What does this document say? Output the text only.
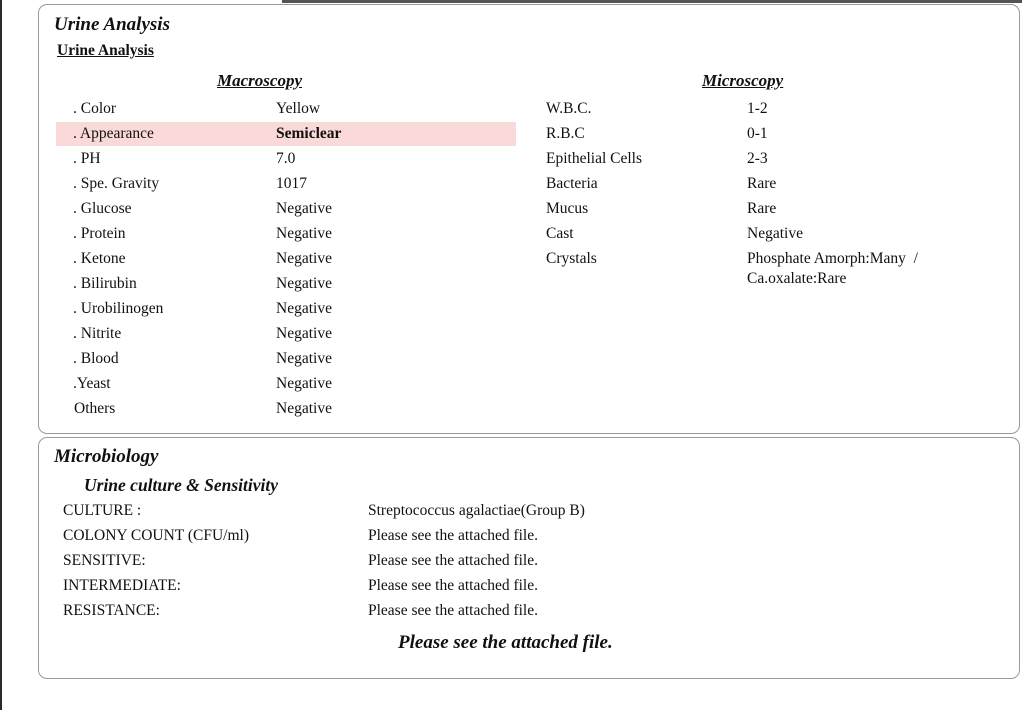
Urine Analysis
Urine Analysis
Macroscopy	Microscopy
. Color	Yellow
. Appearance	Semiclear
. PH	7.0
. Spe. Gravity	1017
. Glucose	Negative
. Protein	Negative
. Ketone	Negative
. Bilirubin	Negative
. Urobilinogen	Negative
. Nitrite	Negative
. Blood	Negative
.Yeast	Negative
Others	Negative
W.B.C.	1-2
R.B.C	0-1
Epithelial Cells	2-3
Bacteria	Rare
Mucus	Rare
Cast	Negative
Crystals	Phosphate Amorph:Many  /
Ca.oxalate:Rare
Microbiology
Urine culture & Sensitivity
CULTURE :	Streptococcus agalactiae(Group B)
COLONY COUNT (CFU/ml)	Please see the attached file.
SENSITIVE:	Please see the attached file.
INTERMEDIATE:	Please see the attached file.
RESISTANCE:	Please see the attached file.
Please see the attached file.
